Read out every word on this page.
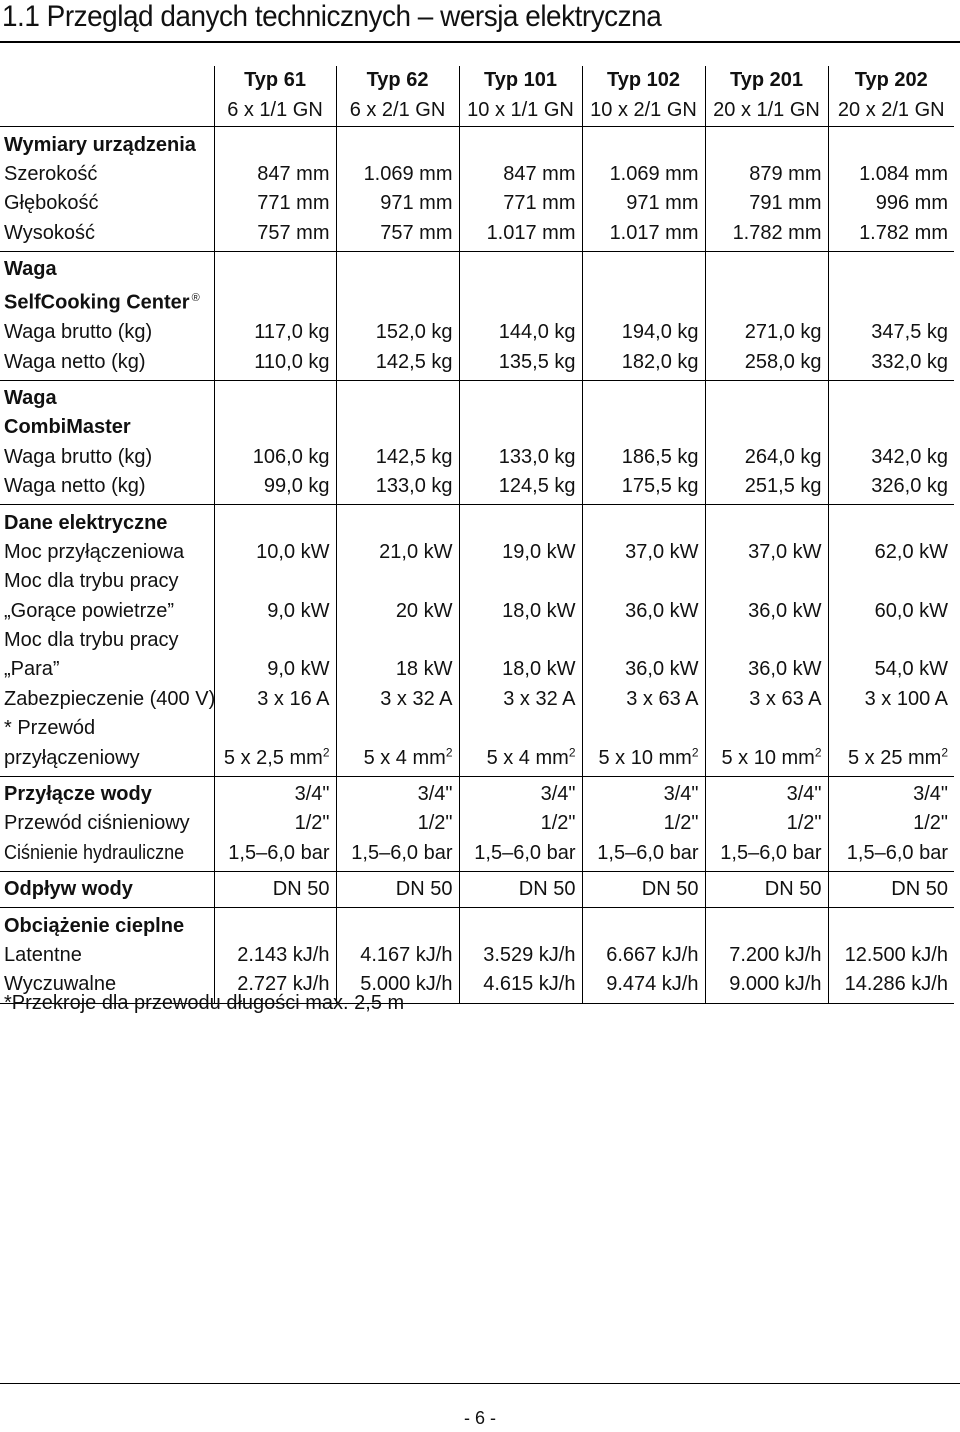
1.1 Przegląd danych technicznych – wersja elektryczna
	Typ 61	Typ 62	Typ 101	Typ 102	Typ 201	Typ 202
	6 x 1/1 GN	6 x 2/1 GN	10 x 1/1 GN	10 x 2/1 GN	20 x 1/1 GN	20 x 2/1 GN
Wymiary urządzenia						
Szerokość	847 mm	1.069 mm	847 mm	1.069 mm	879 mm	1.084 mm
Głębokość	771 mm	971 mm	771 mm	971 mm	791 mm	996 mm
Wysokość	757 mm	757 mm	1.017 mm	1.017 mm	1.782 mm	1.782 mm
Waga						
SelfCooking Center ®						
Waga brutto (kg)	117,0 kg	152,0 kg	144,0 kg	194,0 kg	271,0 kg	347,5 kg
Waga netto (kg)	110,0 kg	142,5 kg	135,5 kg	182,0 kg	258,0 kg	332,0 kg
Waga						
CombiMaster						
Waga brutto (kg)	106,0 kg	142,5 kg	133,0 kg	186,5 kg	264,0 kg	342,0 kg
Waga netto (kg)	99,0 kg	133,0 kg	124,5 kg	175,5 kg	251,5 kg	326,0 kg
Dane elektryczne						
Moc przyłączeniowa	10,0 kW	21,0 kW	19,0 kW	37,0 kW	37,0 kW	62,0 kW
Moc dla trybu pracy						
„Gorące powietrze”	9,0 kW	20 kW	18,0 kW	36,0 kW	36,0 kW	60,0 kW
Moc dla trybu pracy						
„Para”	9,0 kW	18 kW	18,0 kW	36,0 kW	36,0 kW	54,0 kW
Zabezpieczenie (400 V)	3 x 16 A	3 x 32 A	3 x 32 A	3 x 63 A	3 x 63 A	3 x 100 A
* Przewód						
przyłączeniowy	5 x 2,5 $mm^2$	5 x 4 $mm^2$	5 x 4 $mm^2$	5 x 10 $mm^2$	5 x 10 $mm^2$	5 x 25 $mm^2$
Przyłącze wody	3/4"	3/4"	3/4"	3/4"	3/4"	3/4"
Przewód ciśnieniowy	1/2"	1/2"	1/2"	1/2"	1/2"	1/2"
Ciśnienie hydrauliczne	1,5–6,0 bar	1,5–6,0 bar	1,5–6,0 bar	1,5–6,0 bar	1,5–6,0 bar	1,5–6,0 bar
Odpływ wody	DN 50	DN 50	DN 50	DN 50	DN 50	DN 50
Obciążenie cieplne						
Latentne	2.143 kJ/h	4.167 kJ/h	3.529 kJ/h	6.667 kJ/h	7.200 kJ/h	12.500 kJ/h
Wyczuwalne	2.727 kJ/h	5.000 kJ/h	4.615 kJ/h	9.474 kJ/h	9.000 kJ/h	14.286 kJ/h
*Przekroje dla przewodu długości max. 2,5 m
- 6 -
